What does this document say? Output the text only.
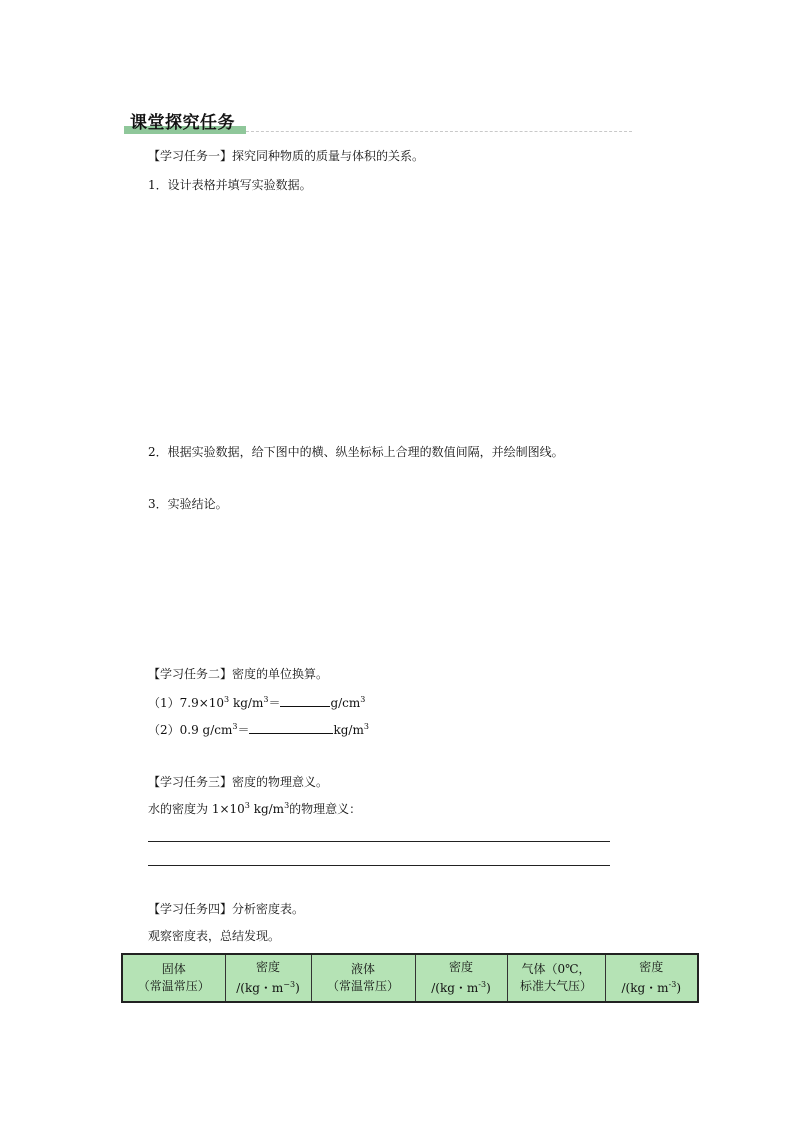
课堂探究任务
【学习任务一】探究同种物质的质量与体积的关系。
1．设计表格并填写实验数据。
2．根据实验数据，给下图中的横、纵坐标标上合理的数值间隔，并绘制图线。
3．实验结论。
【学习任务二】密度的单位换算。
$(1)7.9\times 10^3$ $kg/m^3=$	$g/cm^3$
（2）0.9 $g/cm^3=$	$kg/m^3$
【学习任务三】密度的物理意义。
水的密度为 $1\times 10^3$ $kg/m^3$的物理意义：
【学习任务四】分析密度表。
观察密度表，总结发现。
固体
（常温常压）

密度
/(kg・$m^{-3}$)

液体
（常温常压）

密度
/(kg・$m^{-3}$)

气体（0℃，
标准大气压）

密度
/(kg・$m^{-3}$)
